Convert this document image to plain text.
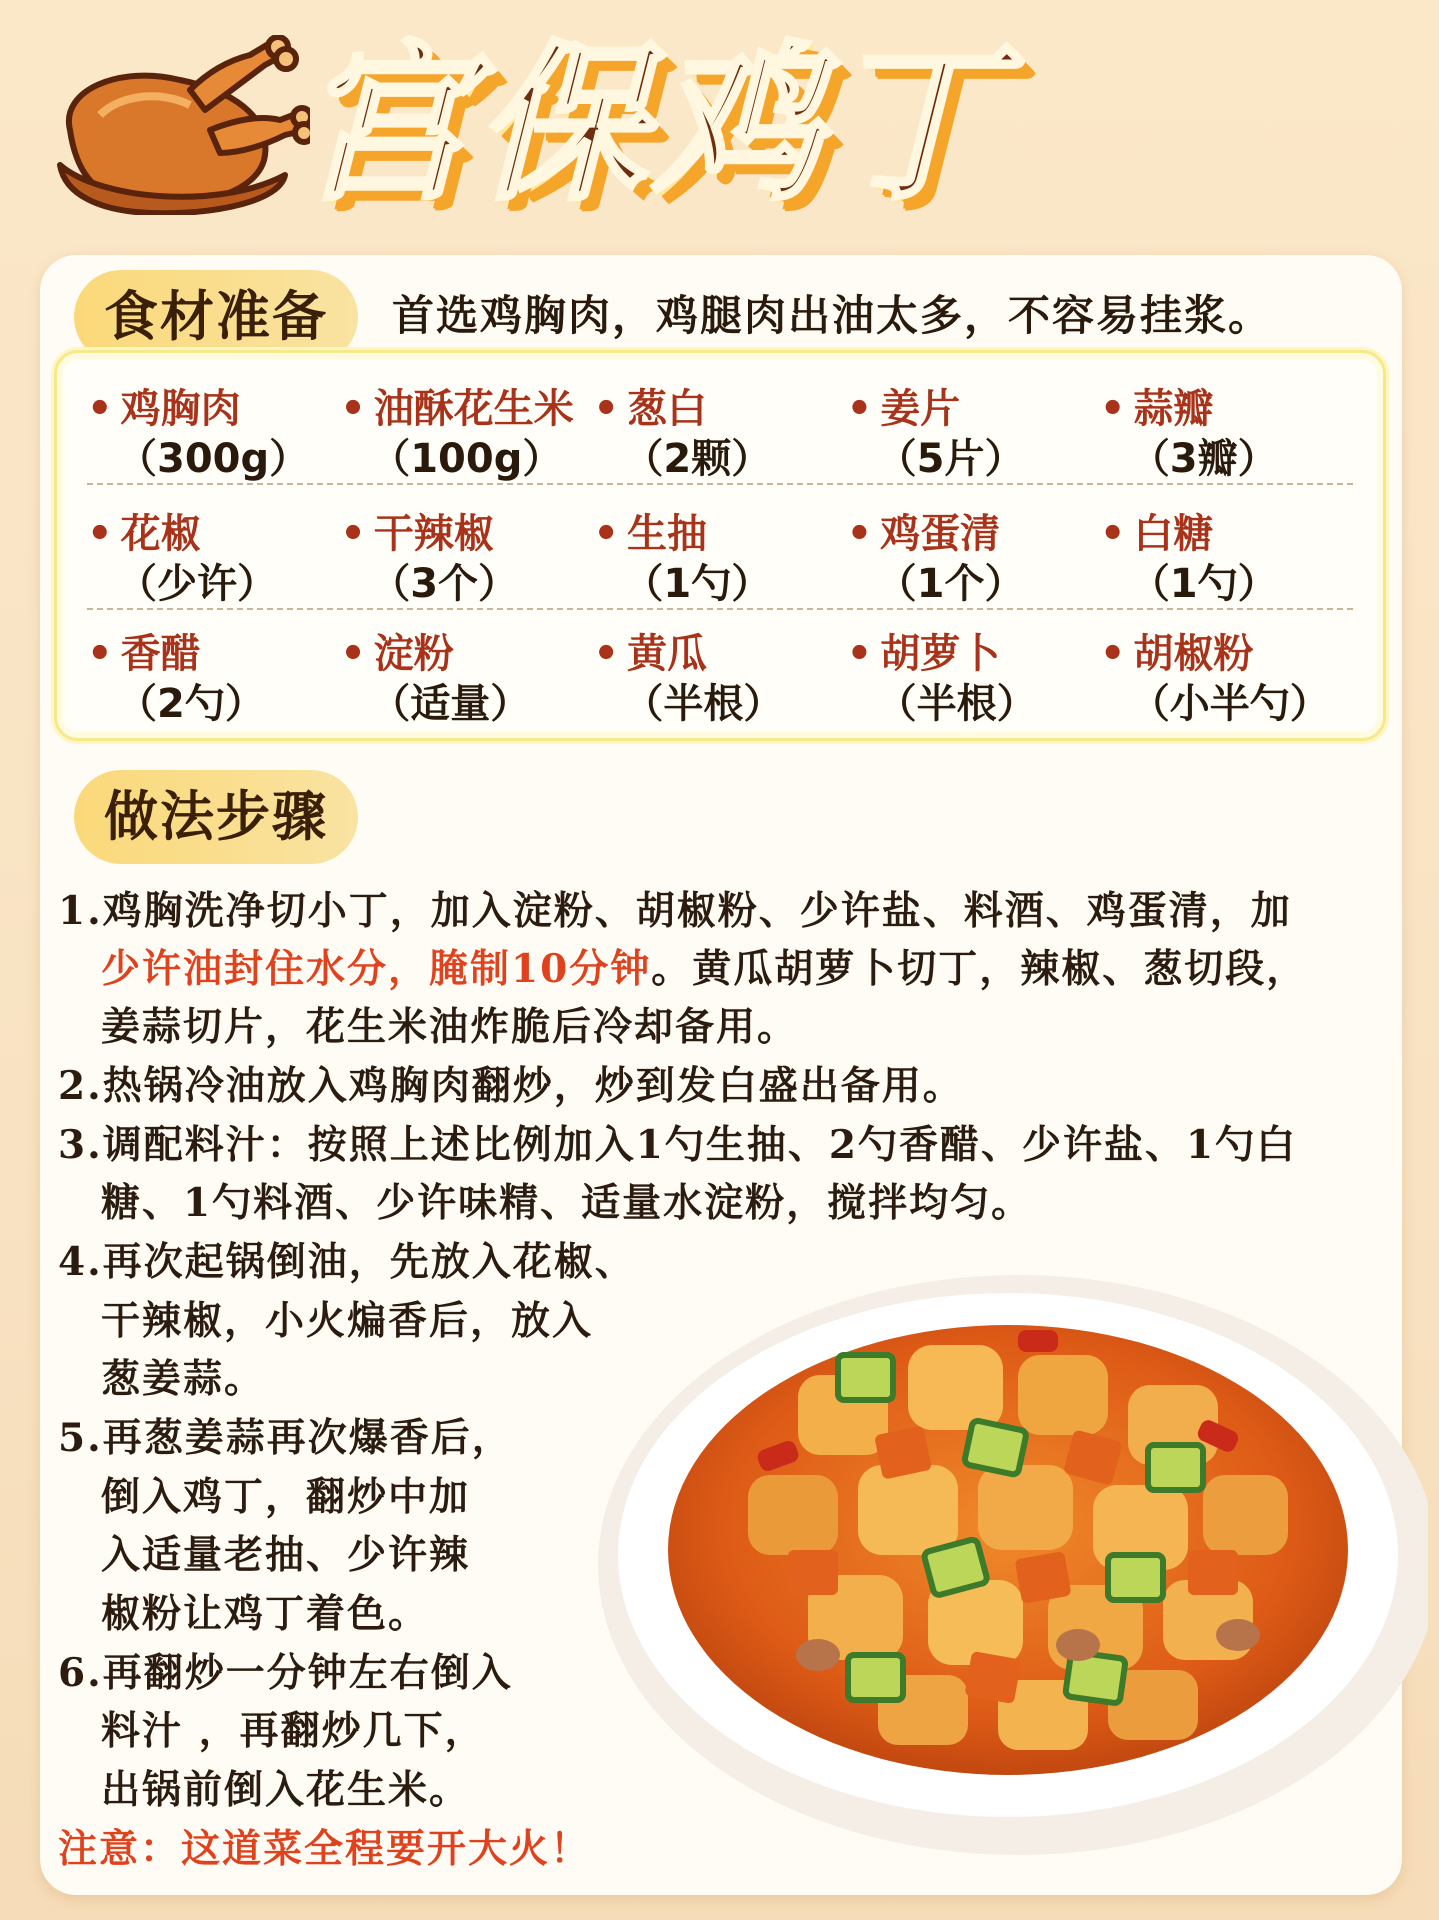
宫保鸡丁
食材准备	首选鸡胸肉，鸡腿肉出油太多，不容易挂浆。
• 鸡胸肉
（300g）
• 油酥花生米
（100g）
• 葱白
（2颗）
• 姜片
（5片）
• 蒜瓣
（3瓣）
• 花椒
（少许）
• 干辣椒
（3个）
• 生抽
（1勺）
• 鸡蛋清
（1个）
• 白糖
（1勺）
• 香醋
（2勺）
• 淀粉
（适量）
• 黄瓜
（半根）
• 胡萝卜
（半根）
• 胡椒粉
（小半勺）
做法步骤
1.鸡胸洗净切小丁，加入淀粉、胡椒粉、少许盐、料酒、鸡蛋清，加
少许油封住水分，腌制10分钟。黄瓜胡萝卜切丁，辣椒、葱切段，
姜蒜切片，花生米油炸脆后冷却备用。
2.热锅冷油放入鸡胸肉翻炒，炒到发白盛出备用。
3.调配料汁：按照上述比例加入1勺生抽、2勺香醋、少许盐、1勺白
糖、1勺料酒、少许味精、适量水淀粉，搅拌均匀。
4.再次起锅倒油，先放入花椒、
干辣椒，小火煸香后，放入
葱姜蒜。
5.再葱姜蒜再次爆香后，
倒入鸡丁，翻炒中加
入适量老抽、少许辣
椒粉让鸡丁着色。
6.再翻炒一分钟左右倒入
料汁 ，再翻炒几下，
出锅前倒入花生米。
注意：这道菜全程要开大火！
